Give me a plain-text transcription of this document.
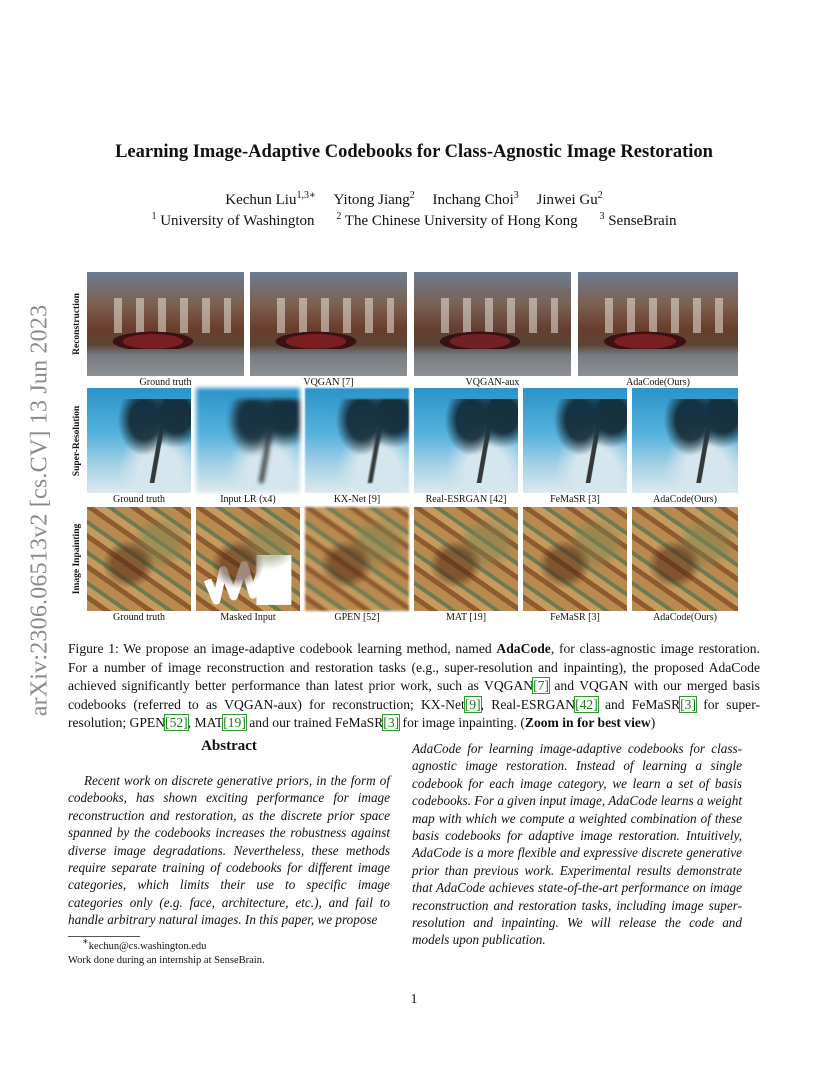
arXiv:2306.06513v2 [cs.CV] 13 Jun 2023
Learning Image-Adaptive Codebooks for Class-Agnostic Image Restoration
Kechun Liu$^{1,3∗}$ Yitong Jiang$^2$ Inchang Choi$^3$ Jinwei Gu$^2$
$^1$ University of Washington $^2$ The Chinese University of Hong Kong $^3$ SenseBrain
Reconstruction
Ground truth	VQGAN [7]	VQGAN-aux	AdaCode(Ours)
Super-Resolution
Ground truth	Input LR (x4)	KX-Net [9]	Real-ESRGAN [42]	FeMaSR [3]	AdaCode(Ours)
Image Inpainting
Ground truth	Masked Input	GPEN [52]	MAT [19]	FeMaSR [3]	AdaCode(Ours)
Figure 1: We propose an image-adaptive codebook learning method, named AdaCode, for class-agnostic image restoration. For a number of image reconstruction and restoration tasks (e.g., super-resolution and inpainting), the proposed AdaCode achieved significantly better performance than latest prior work, such as VQGAN[7] and VQGAN with our merged basis codebooks (referred to as VQGAN-aux) for reconstruction; KX-Net[9], Real-ESRGAN[42] and FeMaSR[3] for super-resolution; GPEN[52], MAT[19] and our trained FeMaSR[3] for image inpainting. (Zoom in for best view)
Abstract
Recent work on discrete generative priors, in the form of codebooks, has shown exciting performance for image reconstruction and restoration, as the discrete prior space spanned by the codebooks increases the robustness against diverse image degradations. Nevertheless, these methods require separate training of codebooks for different image categories, which limits their use to specific image categories only (e.g. face, architecture, etc.), and fail to handle arbitrary natural images. In this paper, we propose
AdaCode for learning image-adaptive codebooks for class-agnostic image restoration. Instead of learning a single codebook for each image category, we learn a set of basis codebooks. For a given input image, AdaCode learns a weight map with which we compute a weighted combination of these basis codebooks for adaptive image restoration. Intuitively, AdaCode is a more flexible and expressive discrete generative prior than previous work. Experimental results demonstrate that AdaCode achieves state-of-the-art performance on image reconstruction and restoration tasks, including image super-resolution and inpainting. We will release the code and models upon publication.
∗kechun@cs.washington.edu
Work done during an internship at SenseBrain.
1
